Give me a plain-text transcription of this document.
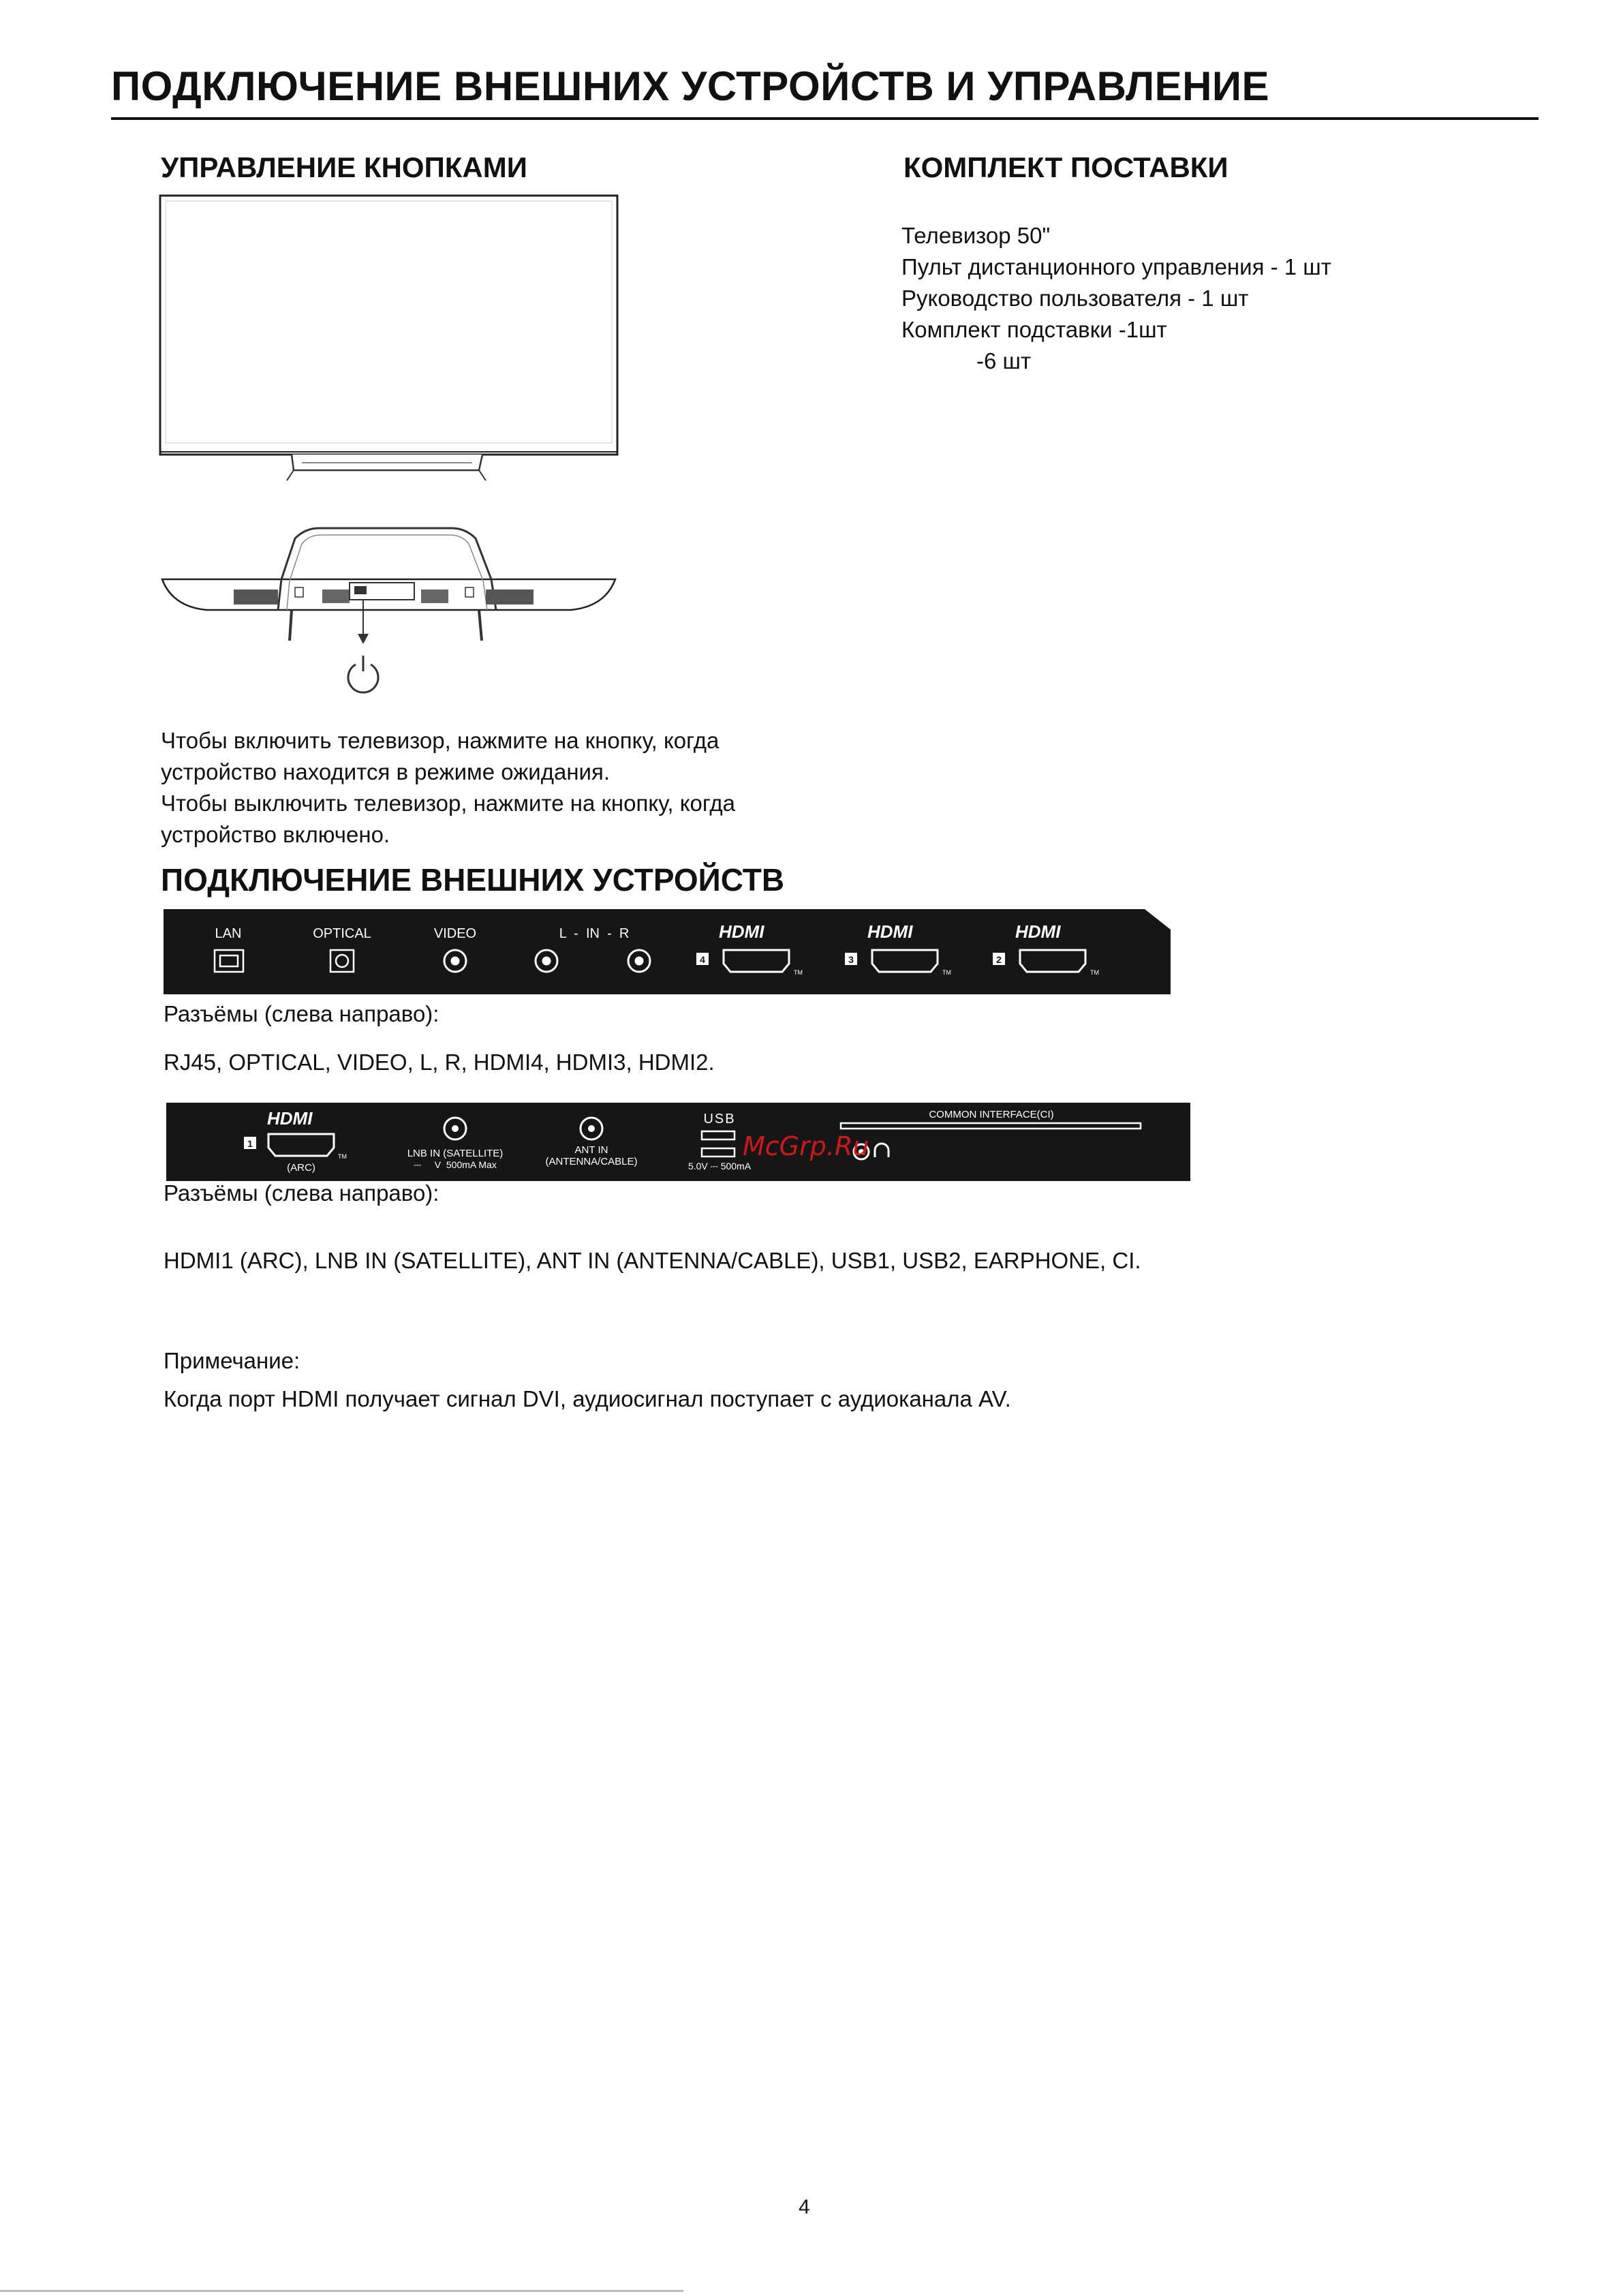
ПОДКЛЮЧЕНИЕ ВНЕШНИХ УСТРОЙСТВ И УПРАВЛЕНИЕ
УПРАВЛЕНИЕ КНОПКАМИ
Чтобы включить телевизор, нажмите на кнопку, когда
устройство находится в режиме ожидания.
Чтобы выключить телевизор, нажмите на кнопку, когда
устройство включено.
КОМПЛЕКТ ПОСТАВКИ
Телевизор 50"
Пульт дистанционного управления - 1 шт
Руководство пользователя - 1 шт
Комплект подставки -1шт
-6 шт
ПОДКЛЮЧЕНИЕ ВНЕШНИХ УСТРОЙСТВ
LAN	OPTICAL	VIDEO	L  -  IN  -  R	HDMI
4
TM
HDMI
3
TM
HDMI
2
TM
Разъёмы (слева направо):
RJ45, OPTICAL, VIDEO, L, R, HDMI4, HDMI3, HDMI2.
HDMI
1
TM
(ARC)
LNB IN (SATELLITE)
⎓     V  500mA Max
ANT IN
(ANTENNA/CABLE)
USB
5.0V ⎓ 500mA
COMMON INTERFACE(CI)
McGrp.Ru
Разъёмы (слева направо):
HDMI1 (ARC), LNB IN (SATELLITE), ANT IN (ANTENNA/CABLE), USB1, USB2, EARPHONE, CI.
Примечание:
Когда порт HDMI получает сигнал DVI, аудиосигнал поступает с аудиоканала AV.
4
